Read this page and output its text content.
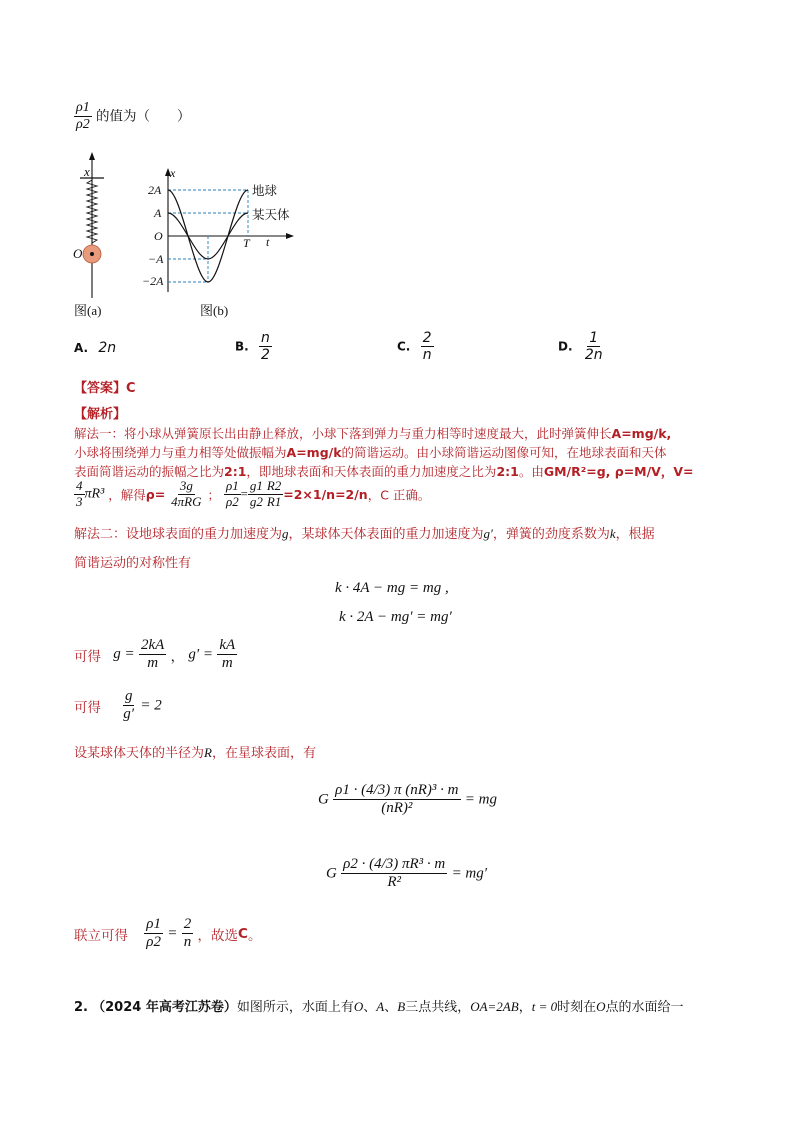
$\frac{\rho 1}{\rho 2}$ 的值为（　　）
x
O
图(a)
x
t
2A
A
O
−A
−2A
T
地球
某天体
图(b)
A. 2n	B. $\frac{n}{2}$	C. $\frac{2}{n}$	D. $\frac{1}{2n}$
【答案】C
【解析】
解法一：将小球从弹簧原长出由静止释放，小球下落到弹力与重力相等时速度最大，此时弹簧伸长A=mg/k,
小球将围绕弹力与重力相等处做振幅为A=mg/k的简谐运动。由小球简谐运动图像可知，在地球表面和天体
表面简谐运动的振幅之比为2:1，即地球表面和天体表面的重力加速度之比为2:1。由GM/R²=g, ρ=M/V，V=
$\frac{4}{3} \pi R^3$ ，解得$\rho= \frac{3g}{\text{4πRG}}$ ； $\frac{\rho 1}{\rho 2} = \frac{g1}{g2} \frac{R2}{R1} =2\times 1/n=2/n$，C 正确。
解法二：设地球表面的重力加速度为g，某球体天体表面的重力加速度为g′，弹簧的劲度系数为k，根据
简谐运动的对称性有
k · 4A − mg = mg ,
k · 2A − mg′ = mg′
可得 $g = \frac{2kA}{m}$ ， $g' = \frac{kA}{m}$
可得 $\frac{g}{g'} = 2$
设某球体天体的半径为R，在星球表面，有
G $\frac{\text{ρ1 · (4/3) π (nR)³ · m}}{\text{(nR)²}}$ = mg
G $\frac{\text{ρ2 · (4/3) πR³ · m}}{\text{R²}} = mg'$
联立可得 $\frac{\rho 1}{\rho 2} = \frac{2}{n}$ ，故选C。
2. （2024 年高考江苏卷）如图所示，水面上有O、A、B三点共线，OA=2AB，t = 0时刻在O点的水面给一
